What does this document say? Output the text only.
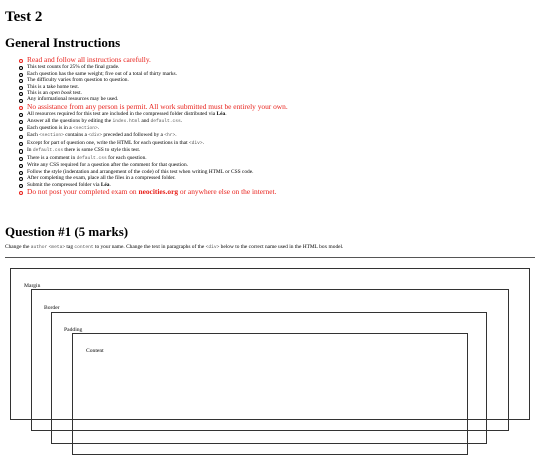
Test 2
General Instructions
Read and follow all instructions carefully.
This test counts for 25% of the final grade.
Each question has the same weight; five out of a total of thirty marks.
The difficulty varies from question to question.
This is a take home test.
This is an open book test.
Any informational resources may be used.
No assistance from any person is permit. All work submitted must be entirely your own.
All resources required for this test are included in the compressed folder distributed via Léa.
Answer all the questions by editing the index.html and default.css.
Each question is in a <section>.
Each <section> contains a <div> preceded and followed by a <hr>.
Except for part of question one, write the HTML for each questions in that <div>.
In default.css there is some CSS to style this test.
There is a comment in default.css for each question.
Write any CSS required for a question after the comment for that question.
Follow the style (indentation and arrangement of the code) of this test when writing HTML or CSS code.
After completing the exam, place all the files in a compressed folder.
Submit the compressed folder via Léa.
Do not post your completed exam on neocities.org or anywhere else on the internet.
Question #1 (5 marks)

Change the author <meta> tag content to your name. Change the text in paragraphs of the <div> below to the correct name used in the HTML box model.

Margin

Border

Padding

Content
